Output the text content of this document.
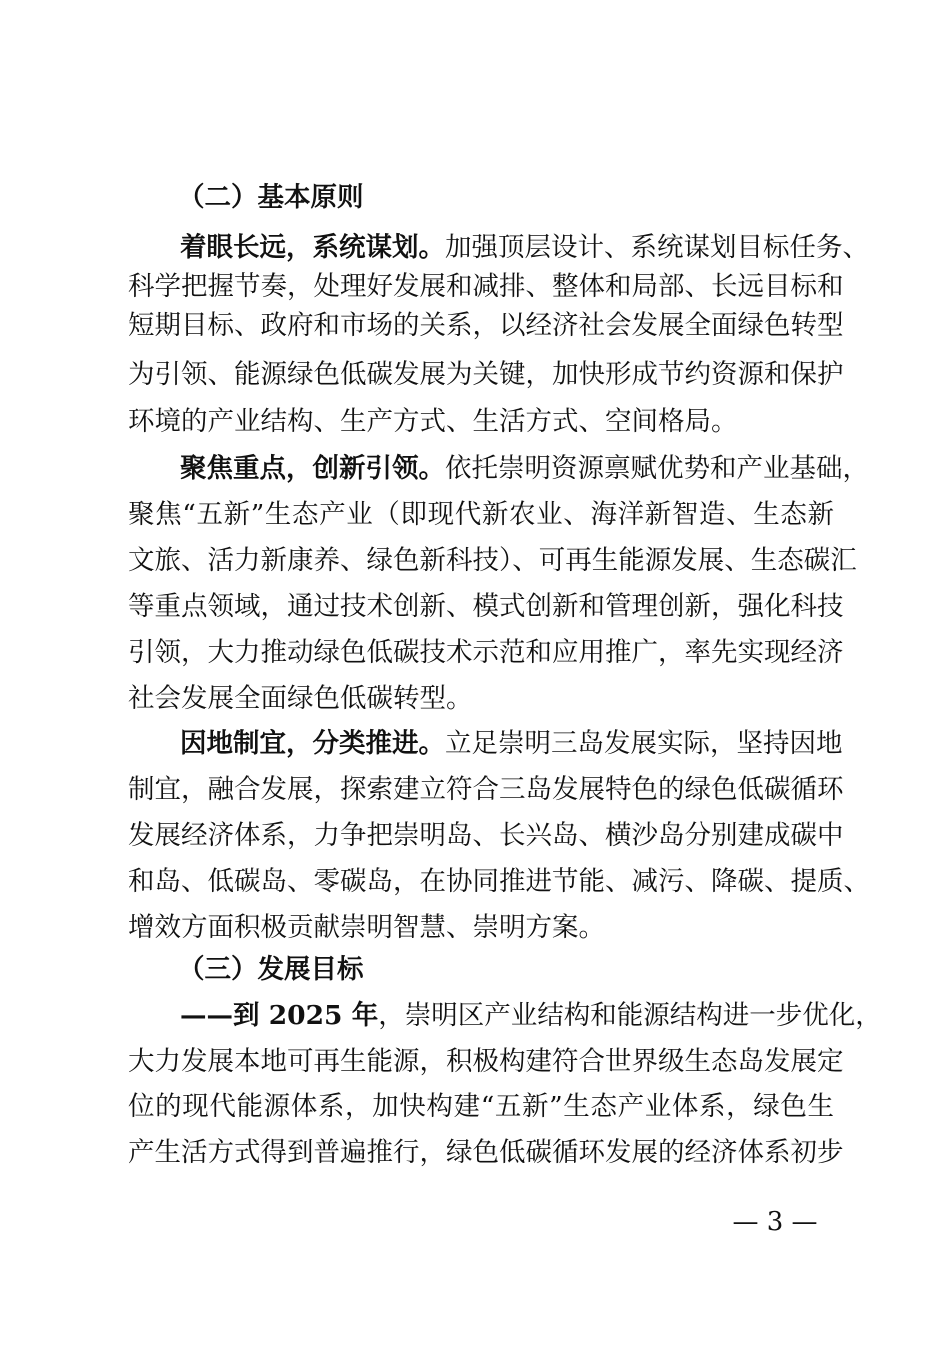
（二）基本原则
着眼长远，系统谋划。加强顶层设计、系统谋划目标任务、
科学把握节奏，处理好发展和减排、整体和局部、长远目标和
短期目标、政府和市场的关系，以经济社会发展全面绿色转型
为引领、能源绿色低碳发展为关键，加快形成节约资源和保护
环境的产业结构、生产方式、生活方式、空间格局。
聚焦重点，创新引领。依托崇明资源禀赋优势和产业基础，
聚焦“五新”生态产业（即现代新农业、海洋新智造、生态新
文旅、活力新康养、绿色新科技）、可再生能源发展、生态碳汇
等重点领域，通过技术创新、模式创新和管理创新，强化科技
引领，大力推动绿色低碳技术示范和应用推广，率先实现经济
社会发展全面绿色低碳转型。
因地制宜，分类推进。立足崇明三岛发展实际，坚持因地
制宜，融合发展，探索建立符合三岛发展特色的绿色低碳循环
发展经济体系，力争把崇明岛、长兴岛、横沙岛分别建成碳中
和岛、低碳岛、零碳岛，在协同推进节能、减污、降碳、提质、
增效方面积极贡献崇明智慧、崇明方案。
（三）发展目标
——到 2025 年，崇明区产业结构和能源结构进一步优化，
大力发展本地可再生能源，积极构建符合世界级生态岛发展定
位的现代能源体系，加快构建“五新”生态产业体系，绿色生
产生活方式得到普遍推行，绿色低碳循环发展的经济体系初步
— 3 —
